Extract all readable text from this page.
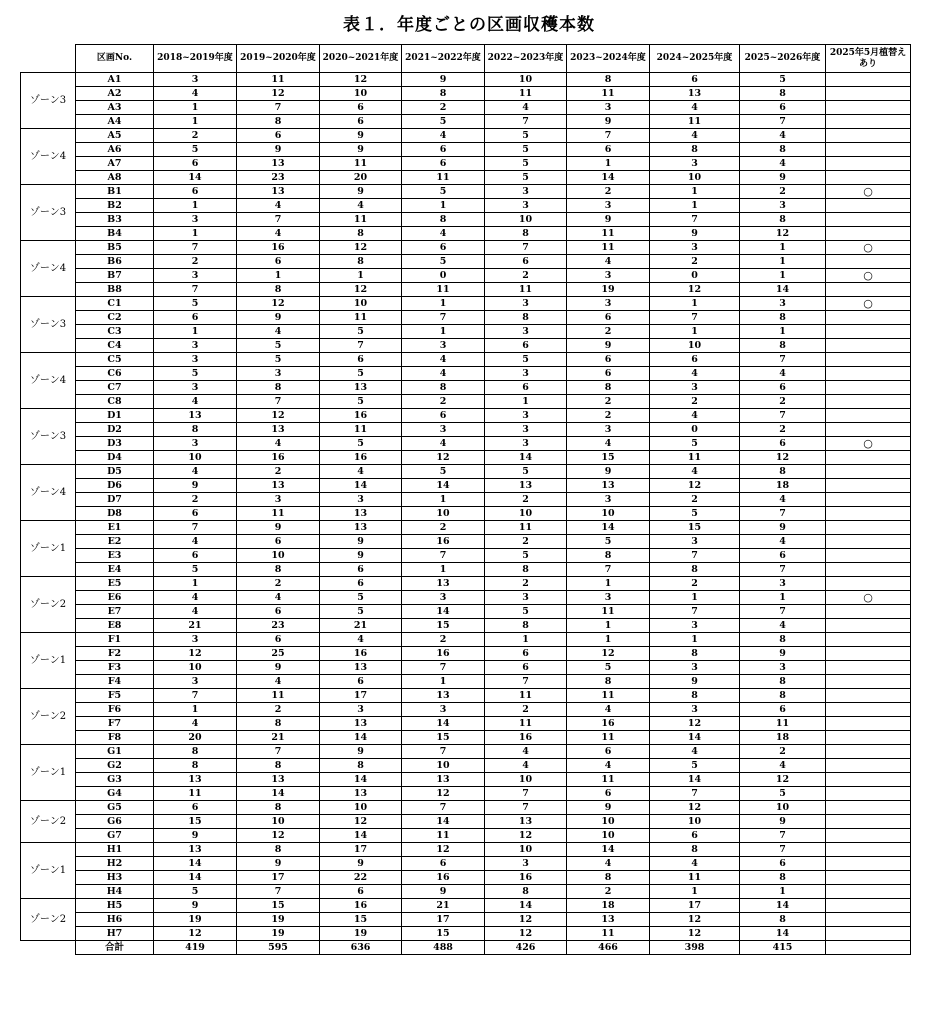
表１．年度ごとの区画収穫本数
	区画No.	2018~2019年度	2019~2020年度	2020~2021年度	2021~2022年度	2022~2023年度	2023~2024年度	2024~2025年度	2025~2026年度	2025年5月植替えあり
ゾーン3	A1	3	11	12	9	10	8	6	5	
	A2	4	12	10	8	11	11	13	8	
	A3	1	7	6	2	4	3	4	6	
	A4	1	8	6	5	7	9	11	7	
ゾーン4	A5	2	6	9	4	5	7	4	4	
	A6	5	9	9	6	5	6	8	8	
	A7	6	13	11	6	5	1	3	4	
	A8	14	23	20	11	5	14	10	9	
ゾーン3	B1	6	13	9	5	3	2	1	2	○
	B2	1	4	4	1	3	3	1	3	
	B3	3	7	11	8	10	9	7	8	
	B4	1	4	8	4	8	11	9	12	
ゾーン4	B5	7	16	12	6	7	11	3	1	○
	B6	2	6	8	5	6	4	2	1	
	B7	3	1	1	0	2	3	0	1	○
	B8	7	8	12	11	11	19	12	14	
ゾーン3	C1	5	12	10	1	3	3	1	3	○
	C2	6	9	11	7	8	6	7	8	
	C3	1	4	5	1	3	2	1	1	
	C4	3	5	7	3	6	9	10	8	
ゾーン4	C5	3	5	6	4	5	6	6	7	
	C6	5	3	5	4	3	6	4	4	
	C7	3	8	13	8	6	8	3	6	
	C8	4	7	5	2	1	2	2	2	
ゾーン3	D1	13	12	16	6	3	2	4	7	
	D2	8	13	11	3	3	3	0	2	
	D3	3	4	5	4	3	4	5	6	○
	D4	10	16	16	12	14	15	11	12	
ゾーン4	D5	4	2	4	5	5	9	4	8	
	D6	9	13	14	14	13	13	12	18	
	D7	2	3	3	1	2	3	2	4	
	D8	6	11	13	10	10	10	5	7	
ゾーン1	E1	7	9	13	2	11	14	15	9	
	E2	4	6	9	16	2	5	3	4	
	E3	6	10	9	7	5	8	7	6	
	E4	5	8	6	1	8	7	8	7	
ゾーン2	E5	1	2	6	13	2	1	2	3	
	E6	4	4	5	3	3	3	1	1	○
	E7	4	6	5	14	5	11	7	7	
	E8	21	23	21	15	8	1	3	4	
ゾーン1	F1	3	6	4	2	1	1	1	8	
	F2	12	25	16	16	6	12	8	9	
	F3	10	9	13	7	6	5	3	3	
	F4	3	4	6	1	7	8	9	8	
ゾーン2	F5	7	11	17	13	11	11	8	8	
	F6	1	2	3	3	2	4	3	6	
	F7	4	8	13	14	11	16	12	11	
	F8	20	21	14	15	16	11	14	18	
ゾーン1	G1	8	7	9	7	4	6	4	2	
	G2	8	8	8	10	4	4	5	4	
	G3	13	13	14	13	10	11	14	12	
	G4	11	14	13	12	7	6	7	5	
ゾーン2	G5	6	8	10	7	7	9	12	10	
	G6	15	10	12	14	13	10	10	9	
	G7	9	12	14	11	12	10	6	7	
ゾーン1	H1	13	8	17	12	10	14	8	7	
	H2	14	9	9	6	3	4	4	6	
	H3	14	17	22	16	16	8	11	8	
	H4	5	7	6	9	8	2	1	1	
ゾーン2	H5	9	15	16	21	14	18	17	14	
	H6	19	19	15	17	12	13	12	8	
	H7	12	19	19	15	12	11	12	14	
	合計	419	595	636	488	426	466	398	415	
